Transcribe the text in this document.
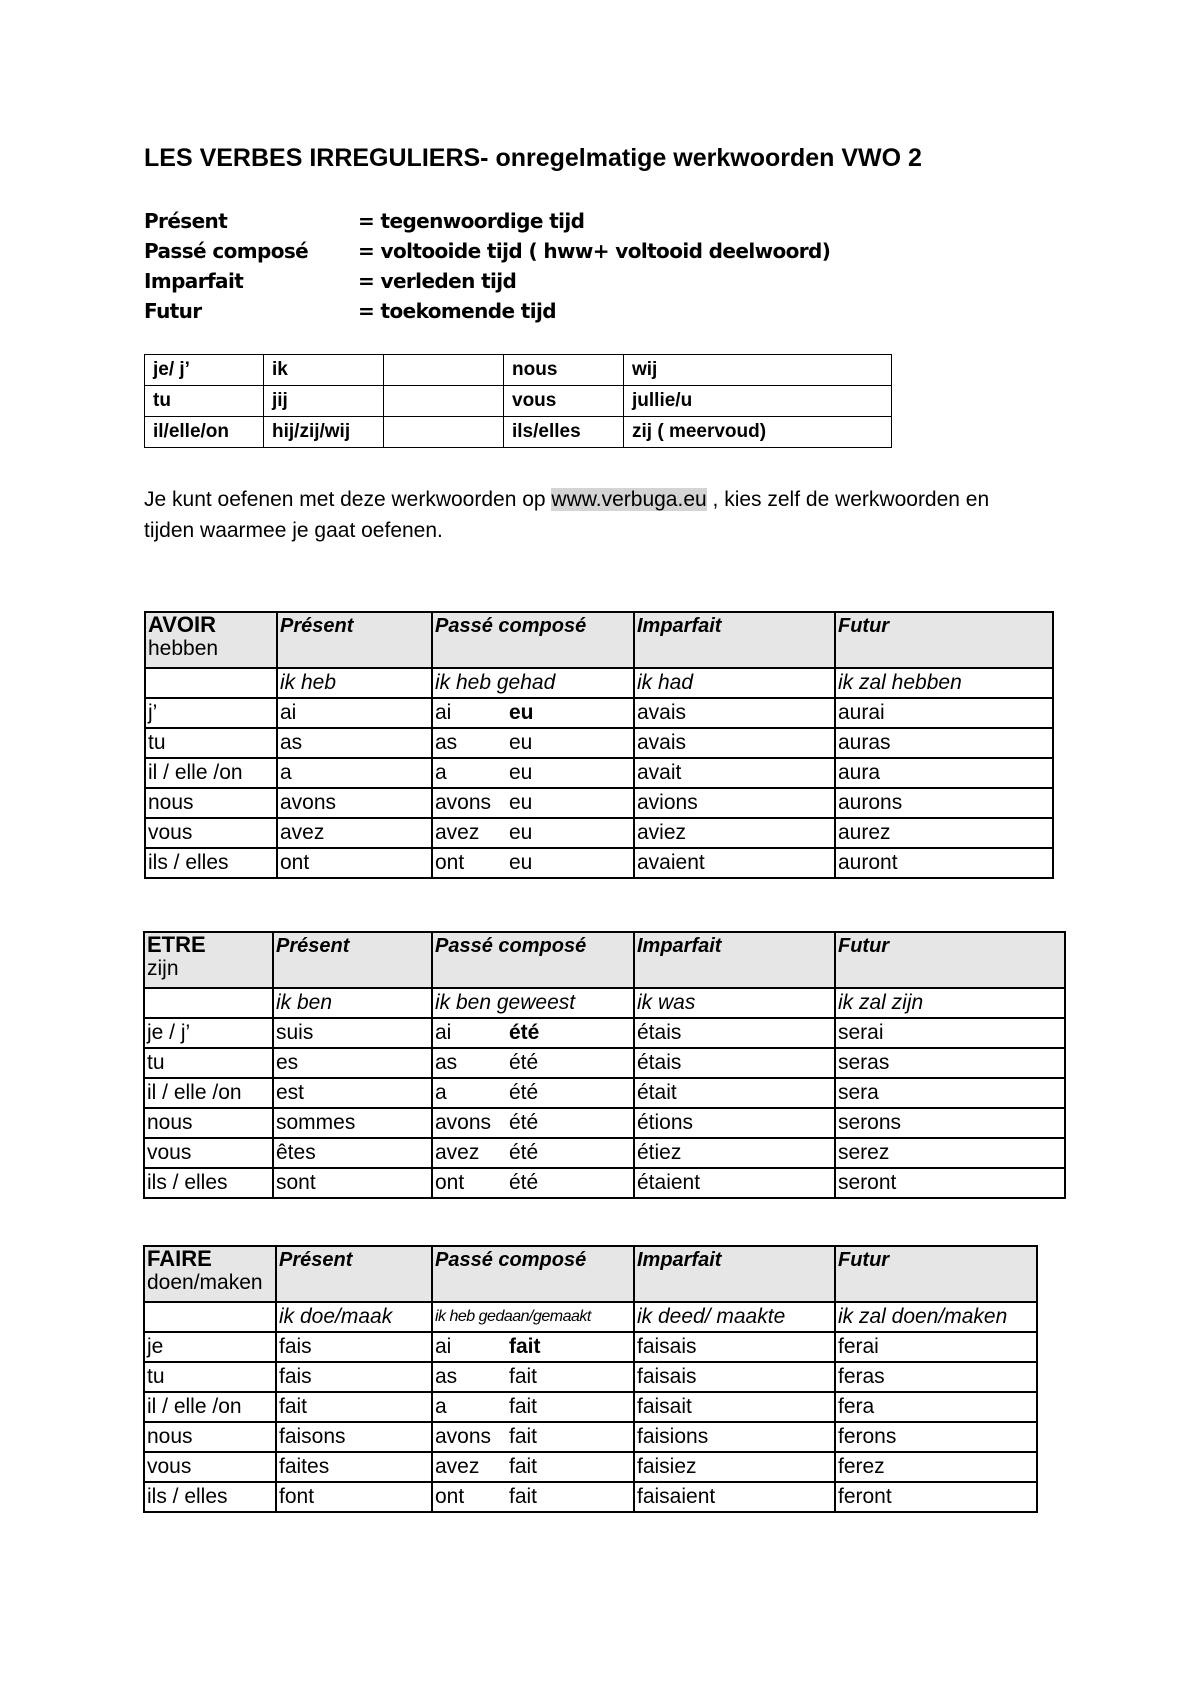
LES VERBES IRREGULIERS- onregelmatige werkwoorden VWO 2
Présent	= tegenwoordige tijd
Passé composé	= voltooide tijd ( hww+ voltooid deelwoord)
Imparfait	= verleden tijd
Futur	= toekomende tijd
je/ j’	ik		nous	wij
tu	jij		vous	jullie/u
il/elle/on	hij/zij/wij		ils/elles	zij ( meervoud)
Je kunt oefenen met deze werkwoorden op www.verbuga.eu , kies zelf de werkwoorden en tijden waarmee je gaat oefenen.
AVOIR
hebben	Présent	Passé composé	Imparfait	Futur
	ik heb	ik heb gehad	ik had	ik zal hebben
j’	ai	ai eu	avais	aurai
tu	as	as eu	avais	auras
il / elle /on	a	a eu	avait	aura
nous	avons	avons eu	avions	aurons
vous	avez	avez eu	aviez	aurez
ils / elles	ont	ont eu	avaient	auront
ETRE
zijn	Présent	Passé composé	Imparfait	Futur
	ik ben	ik ben geweest	ik was	ik zal zijn
je / j’	suis	ai été	étais	serai
tu	es	as été	étais	seras
il / elle /on	est	a été	était	sera
nous	sommes	avons été	étions	serons
vous	êtes	avez été	étiez	serez
ils / elles	sont	ont été	étaient	seront
FAIRE
doen/maken	Présent	Passé composé	Imparfait	Futur
	ik doe/maak	ik heb gedaan/gemaakt	ik deed/ maakte	ik zal doen/maken
je	fais	ai fait	faisais	ferai
tu	fais	as fait	faisais	feras
il / elle /on	fait	a fait	faisait	fera
nous	faisons	avons fait	faisions	ferons
vous	faites	avez fait	faisiez	ferez
ils / elles	font	ont fait	faisaient	feront
